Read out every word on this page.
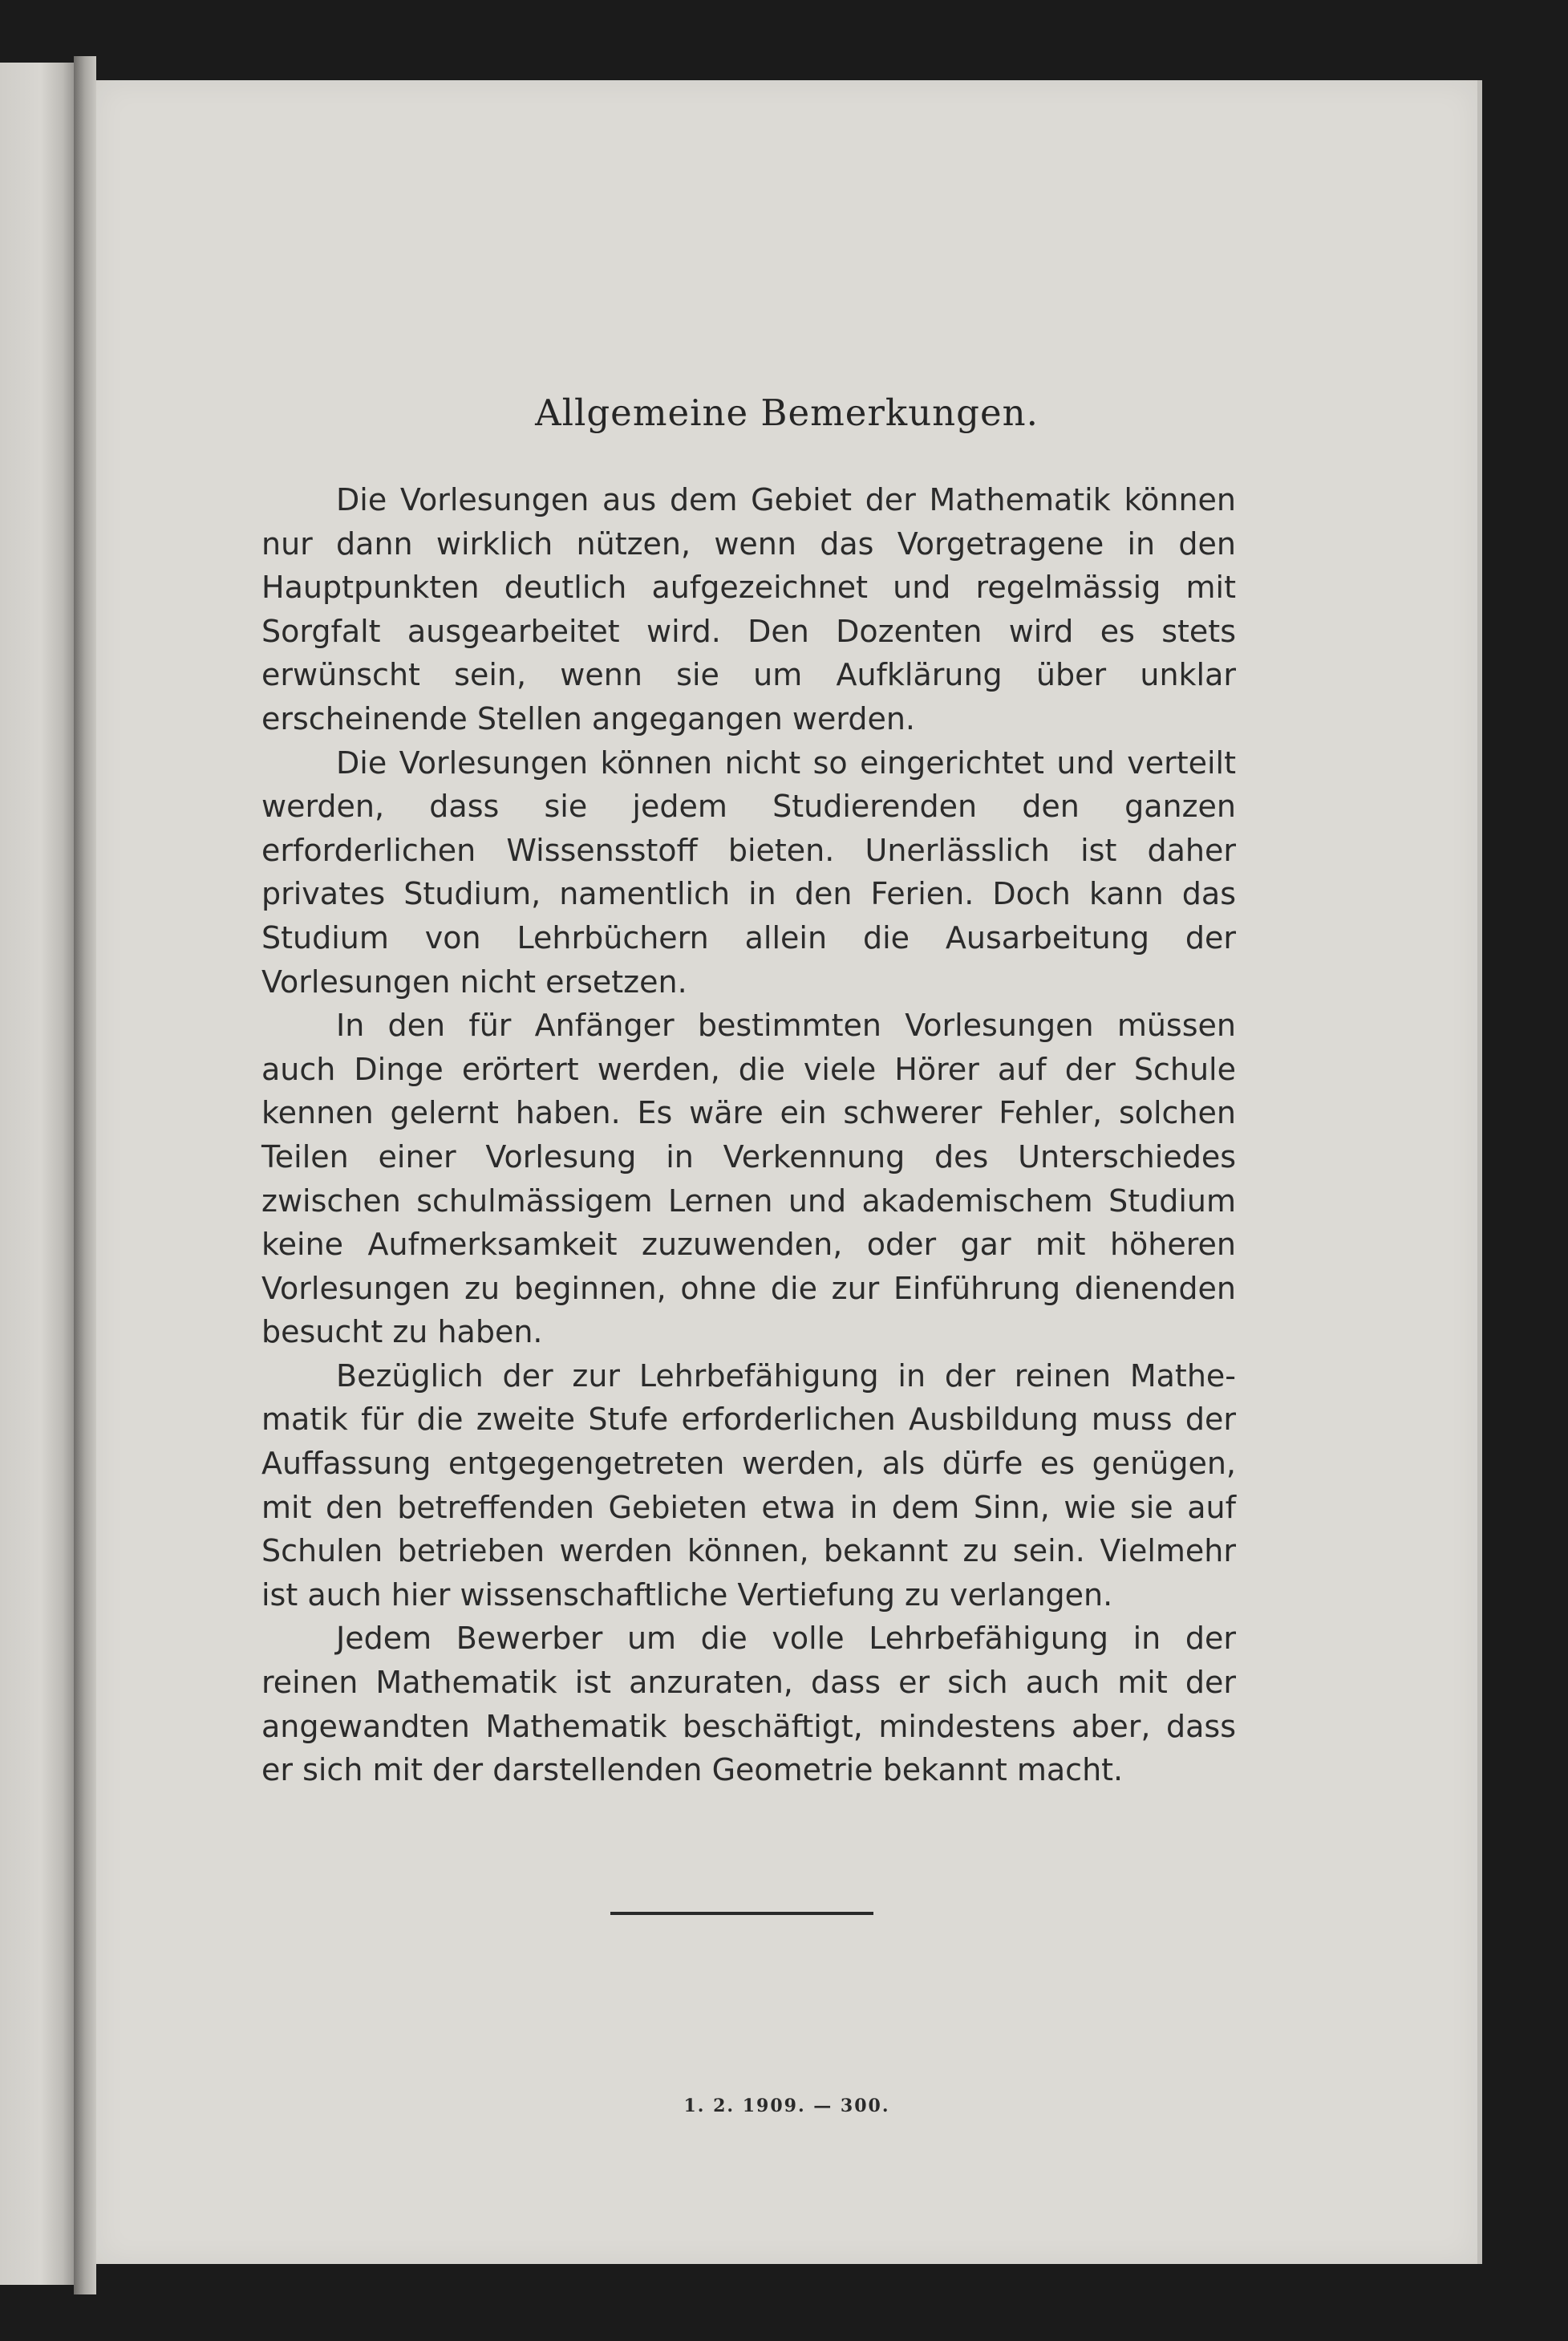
Allgemeine Bemerkungen.

Die Vorlesungen aus dem Gebiet der Mathematik können nur dann wirklich nützen, wenn das Vorgetragene in den Hauptpunkten deutlich aufgezeichnet und regelmässig mit Sorgfalt ausgearbeitet wird. Den Dozenten wird es stets erwünscht sein, wenn sie um Aufklärung über unklar erscheinende Stellen angegangen werden.

Die Vorlesungen können nicht so eingerichtet und verteilt werden, dass sie jedem Studierenden den ganzen erforderlichen Wissensstoff bieten. Unerlässlich ist daher privates Studium, namentlich in den Ferien. Doch kann das Studium von Lehrbüchern allein die Ausarbeitung der Vorlesungen nicht ersetzen.

In den für Anfänger bestimmten Vorlesungen müssen auch Dinge erörtert werden, die viele Hörer auf der Schule kennen gelernt haben. Es wäre ein schwerer Fehler, solchen Teilen einer Vorlesung in Verkennung des Unterschiedes zwischen schulmässigem Lernen und akademischem Studium keine Aufmerksamkeit zuzuwenden, oder gar mit höheren Vorlesungen zu beginnen, ohne die zur Einführung dienenden besucht zu haben.

Bezüglich der zur Lehrbefähigung in der reinen Mathematik für die zweite Stufe erforderlichen Ausbildung muss der Auffassung entgegengetreten werden, als dürfe es genügen, mit den betreffenden Gebieten etwa in dem Sinn, wie sie auf Schulen betrieben werden können, bekannt zu sein. Vielmehr ist auch hier wissenschaftliche Vertiefung zu verlangen.

Jedem Bewerber um die volle Lehrbefähigung in der reinen Mathematik ist anzuraten, dass er sich auch mit der angewandten Mathematik beschäftigt, mindestens aber, dass er sich mit der darstellenden Geometrie bekannt macht.

1. 2. 1909. — 300.
